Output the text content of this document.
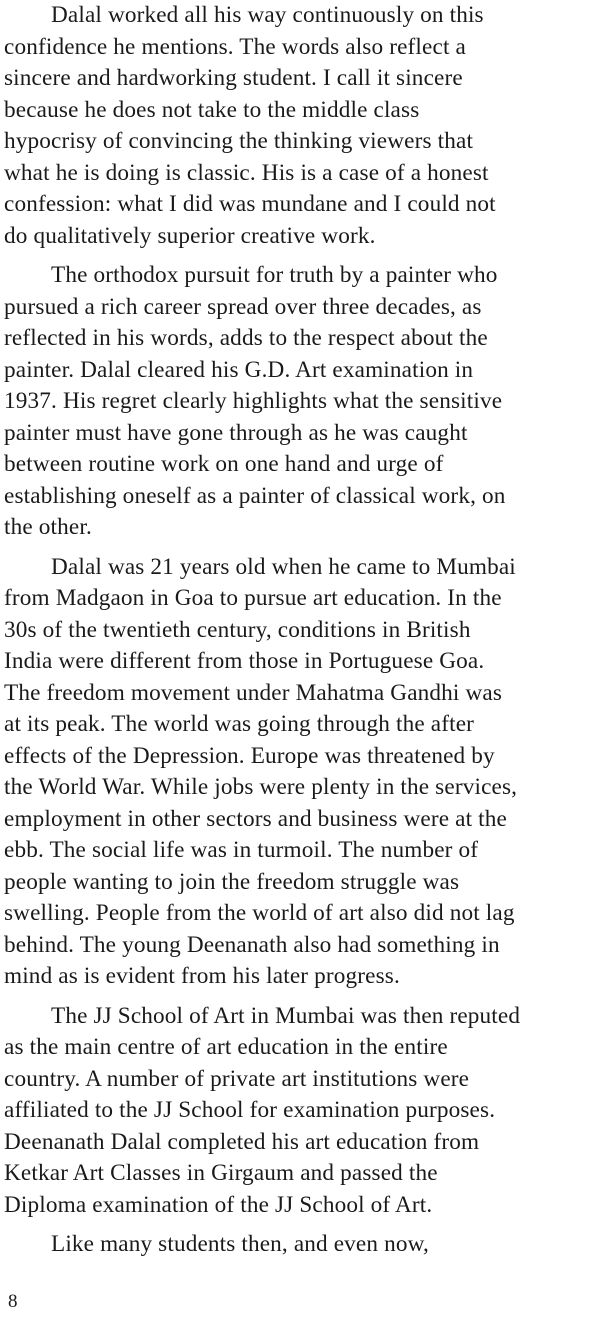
Dalal worked all his way continuously on this
confidence he mentions. The words also reflect a
sincere and hardworking student. I call it sincere
because he does not take to the middle class
hypocrisy of convincing the thinking viewers that
what he is doing is classic. His is a case of a honest
confession: what I did was mundane and I could not
do qualitatively superior creative work.

The orthodox pursuit for truth by a painter who
pursued a rich career spread over three decades, as
reflected in his words, adds to the respect about the
painter. Dalal cleared his G.D. Art examination in
1937. His regret clearly highlights what the sensitive
painter must have gone through as he was caught
between routine work on one hand and urge of
establishing oneself as a painter of classical work, on
the other.

Dalal was 21 years old when he came to Mumbai
from Madgaon in Goa to pursue art education. In the
30s of the twentieth century, conditions in British
India were different from those in Portuguese Goa.
The freedom movement under Mahatma Gandhi was
at its peak. The world was going through the after
effects of the Depression. Europe was threatened by
the World War. While jobs were plenty in the services,
employment in other sectors and business were at the
ebb. The social life was in turmoil. The number of
people wanting to join the freedom struggle was
swelling. People from the world of art also did not lag
behind. The young Deenanath also had something in
mind as is evident from his later progress.

The JJ School of Art in Mumbai was then reputed
as the main centre of art education in the entire
country. A number of private art institutions were
affiliated to the JJ School for examination purposes.
Deenanath Dalal completed his art education from
Ketkar Art Classes in Girgaum and passed the
Diploma examination of the JJ School of Art.

Like many students then, and even now,

8
